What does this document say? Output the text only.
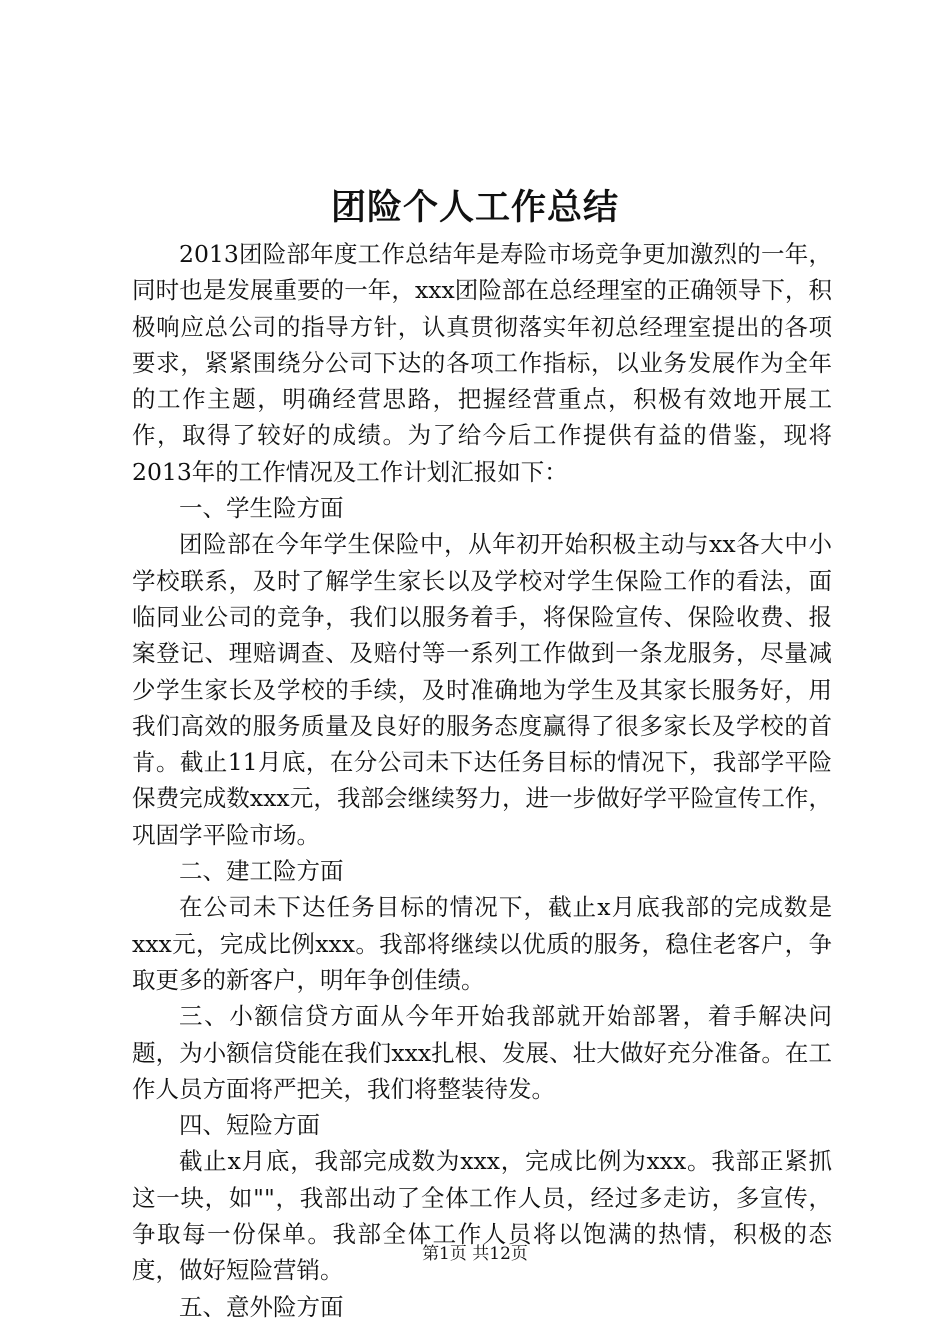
团险个人工作总结

2013团险部年度工作总结年是寿险市场竞争更加激烈的一年，同时也是发展重要的一年，xxx团险部在总经理室的正确领导下，积极响应总公司的指导方针，认真贯彻落实年初总经理室提出的各项要求，紧紧围绕分公司下达的各项工作指标，以业务发展作为全年的工作主题，明确经营思路，把握经营重点，积极有效地开展工作，取得了较好的成绩。为了给今后工作提供有益的借鉴，现将2013年的工作情况及工作计划汇报如下：

一、学生险方面

团险部在今年学生保险中，从年初开始积极主动与xx各大中小学校联系，及时了解学生家长以及学校对学生保险工作的看法，面临同业公司的竞争，我们以服务着手，将保险宣传、保险收费、报案登记、理赔调查、及赔付等一系列工作做到一条龙服务，尽量减少学生家长及学校的手续，及时准确地为学生及其家长服务好，用我们高效的服务质量及良好的服务态度赢得了很多家长及学校的首肯。截止11月底，在分公司未下达任务目标的情况下，我部学平险保费完成数xxx元，我部会继续努力，进一步做好学平险宣传工作，巩固学平险市场。

二、建工险方面

在公司未下达任务目标的情况下，截止x月底我部的完成数是xxx元，完成比例xxx。我部将继续以优质的服务，稳住老客户，争取更多的新客户，明年争创佳绩。

三、小额信贷方面从今年开始我部就开始部署，着手解决问题，为小额信贷能在我们xxx扎根、发展、壮大做好充分准备。在工作人员方面将严把关，我们将整装待发。

四、短险方面

截止x月底，我部完成数为xxx，完成比例为xxx。我部正紧抓这一块，如""，我部出动了全体工作人员，经过多走访，多宣传，争取每一份保单。我部全体工作人员将以饱满的热情，积极的态度，做好短险营销。

五、意外险方面

第1页 共12页
